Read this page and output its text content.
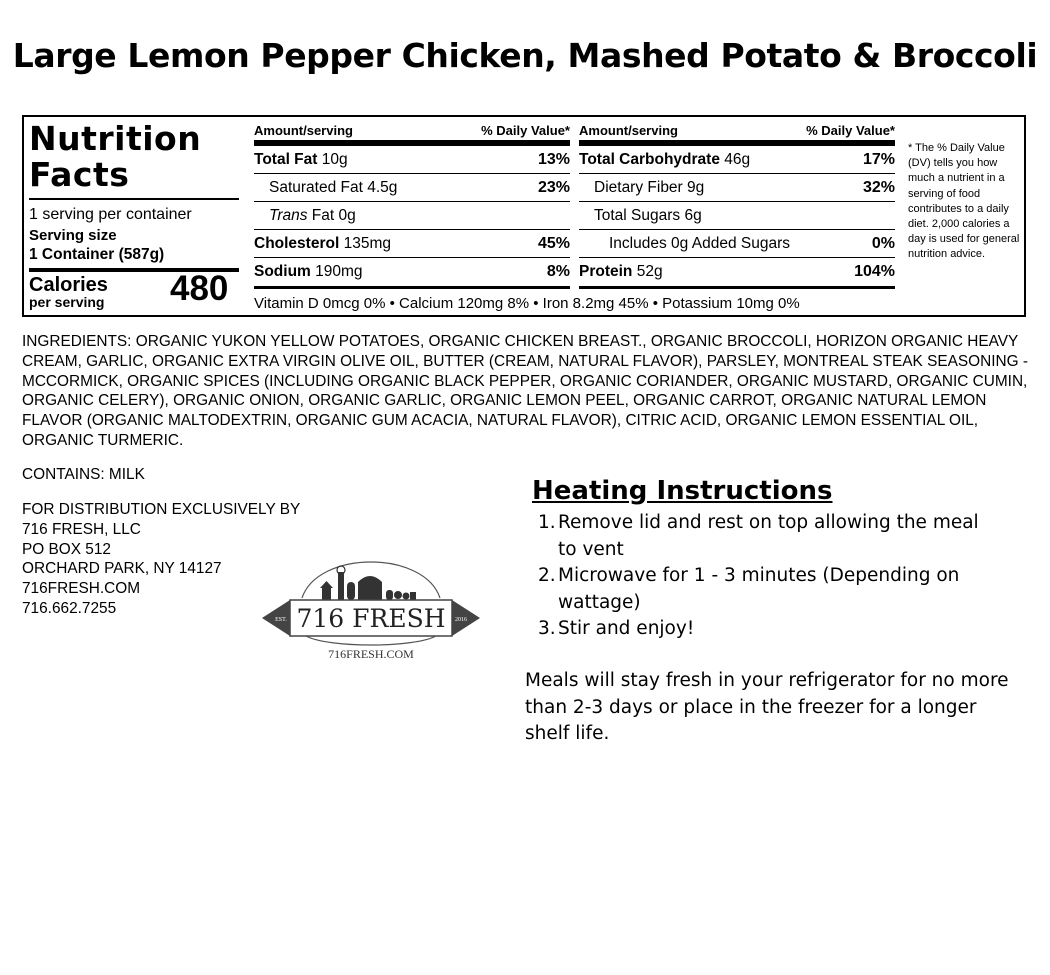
Large Lemon Pepper Chicken, Mashed Potato & Broccoli
Nutrition
Facts
1 serving per container
Serving size
1 Container (587g)
Calories
per serving 480
Amount/serving	% Daily Value*
Total Fat 10g	13%
Saturated Fat 4.5g	23%
Trans Fat 0g
Cholesterol 135mg	45%
Sodium 190mg	8%
Amount/serving	% Daily Value*
Total Carbohydrate 46g	17%
Dietary Fiber 9g	32%
Total Sugars 6g
Includes 0g Added Sugars	0%
Protein 52g	104%
Vitamin D 0mcg 0% • Calcium 120mg 8% • Iron 8.2mg 45% • Potassium 10mg 0%
* The % Daily Value (DV) tells you how much a nutrient in a serving of food contributes to a daily diet. 2,000 calories a day is used for general nutrition advice.
INGREDIENTS: ORGANIC YUKON YELLOW POTATOES, ORGANIC CHICKEN BREAST., ORGANIC BROCCOLI, HORIZON ORGANIC HEAVY CREAM, GARLIC, ORGANIC EXTRA VIRGIN OLIVE OIL, BUTTER (CREAM, NATURAL FLAVOR), PARSLEY, MONTREAL STEAK SEASONING - MCCORMICK, ORGANIC SPICES (INCLUDING ORGANIC BLACK PEPPER, ORGANIC CORIANDER, ORGANIC MUSTARD, ORGANIC CUMIN, ORGANIC CELERY), ORGANIC ONION, ORGANIC GARLIC, ORGANIC LEMON PEEL, ORGANIC CARROT, ORGANIC NATURAL LEMON FLAVOR (ORGANIC MALTODEXTRIN, ORGANIC GUM ACACIA, NATURAL FLAVOR), CITRIC ACID, ORGANIC LEMON ESSENTIAL OIL, ORGANIC TURMERIC.
CONTAINS: MILK
FOR DISTRIBUTION EXCLUSIVELY BY
716 FRESH, LLC
PO BOX 512
ORCHARD PARK, NY 14127
716FRESH.COM
716.662.7255
EST.	2016
716 FRESH
716FRESH.COM
Heating Instructions
1. Remove lid and rest on top allowing the meal to vent
2. Microwave for 1 - 3 minutes (Depending on wattage)
3. Stir and enjoy!
Meals will stay fresh in your refrigerator for no more than 2-3 days or place in the freezer for a longer shelf life.
